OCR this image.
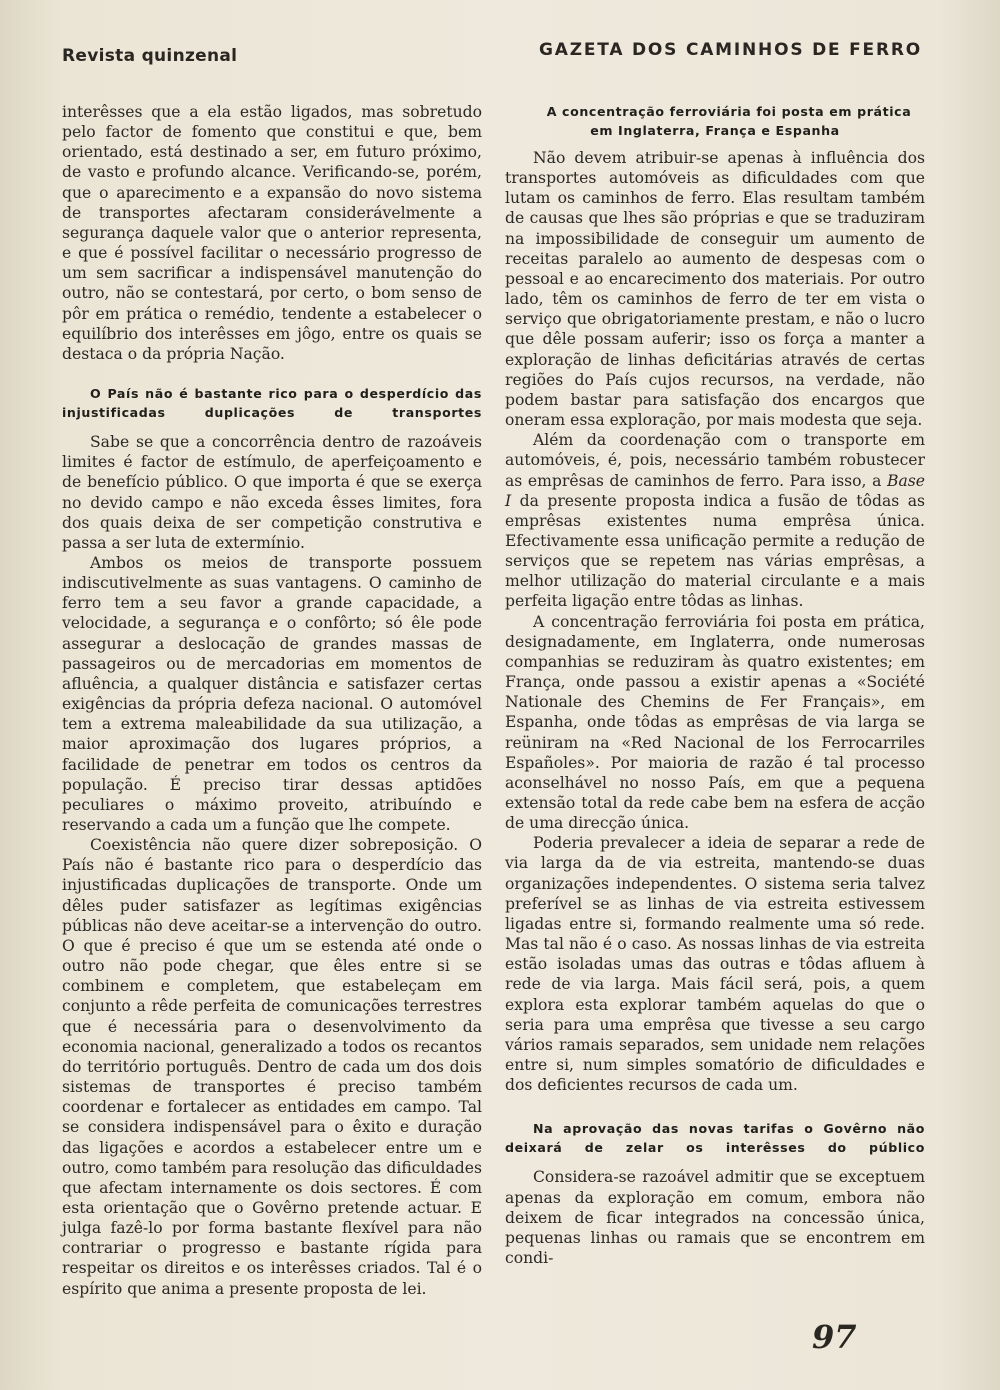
Revista quinzenal	GAZETA DOS CAMINHOS DE FERRO

interêsses que a ela estão ligados, mas sobretudo pelo factor de fomento que constitui e que, bem orientado, está destinado a ser, em futuro próximo, de vasto e profundo alcance. Verificando-se, porém, que o aparecimento e a expansão do novo sistema de transportes afectaram considerávelmente a segurança daquele valor que o anterior representa, e que é possível facilitar o necessário progresso de um sem sacrificar a indispensável manutenção do outro, não se contestará, por certo, o bom senso de pôr em prática o remédio, tendente a estabelecer o equilíbrio dos interêsses em jôgo, entre os quais se destaca o da própria Nação.

O País não é bastante rico para o desperdício das injustificadas duplicações de transportes

Sabe se que a concorrência dentro de razoáveis limites é factor de estímulo, de aperfeiçoamento e de benefício público. O que importa é que se exerça no devido campo e não exceda êsses limites, fora dos quais deixa de ser competição construtiva e passa a ser luta de extermínio.

Ambos os meios de transporte possuem indiscutivelmente as suas vantagens. O caminho de ferro tem a seu favor a grande capacidade, a velocidade, a segurança e o confôrto; só êle pode assegurar a deslocação de grandes massas de passageiros ou de mercadorias em momentos de afluência, a qualquer distância e satisfazer certas exigências da própria defeza nacional. O automóvel tem a extrema maleabilidade da sua utilização, a maior aproximação dos lugares próprios, a facilidade de penetrar em todos os centros da população. É preciso tirar dessas aptidões peculiares o máximo proveito, atribuíndo e reservando a cada um a função que lhe compete.

Coexistência não quere dizer sobreposição. O País não é bastante rico para o desperdício das injustificadas duplicações de transporte. Onde um dêles puder satisfazer as legítimas exigências públicas não deve aceitar-se a intervenção do outro. O que é preciso é que um se estenda até onde o outro não pode chegar, que êles entre si se combinem e completem, que estabeleçam em conjunto a rêde perfeita de comunicações terrestres que é necessária para o desenvolvimento da economia nacional, generalizado a todos os recantos do território português. Dentro de cada um dos dois sistemas de transportes é preciso também coordenar e fortalecer as entidades em campo. Tal se considera indispensável para o êxito e duração das ligações e acordos a estabelecer entre um e outro, como também para resolução das dificuldades que afectam internamente os dois sectores. É com esta orientação que o Govêrno pretende actuar. E julga fazê-lo por forma bastante flexível para não contrariar o progresso e bastante rígida para respeitar os direitos e os interêsses criados. Tal é o espírito que anima a presente proposta de lei.

A concentração ferroviária foi posta em prática em Inglaterra, França e Espanha

Não devem atribuir-se apenas à influência dos transportes automóveis as dificuldades com que lutam os caminhos de ferro. Elas resultam também de causas que lhes são próprias e que se traduziram na impossibilidade de conseguir um aumento de receitas paralelo ao aumento de despesas com o pessoal e ao encarecimento dos materiais. Por outro lado, têm os caminhos de ferro de ter em vista o serviço que obrigatoriamente prestam, e não o lucro que dêle possam auferir; isso os força a manter a exploração de linhas deficitárias através de certas regiões do País cujos recursos, na verdade, não podem bastar para satisfação dos encargos que oneram essa exploração, por mais modesta que seja.

Além da coordenação com o transporte em automóveis, é, pois, necessário também robustecer as emprêsas de caminhos de ferro. Para isso, a Base I da presente proposta indica a fusão de tôdas as emprêsas existentes numa emprêsa única. Efectivamente essa unificação permite a redução de serviços que se repetem nas várias emprêsas, a melhor utilização do material circulante e a mais perfeita ligação entre tôdas as linhas.

A concentração ferroviária foi posta em prática, designadamente, em Inglaterra, onde numerosas companhias se reduziram às quatro existentes; em França, onde passou a existir apenas a «Société Nationale des Chemins de Fer Français», em Espanha, onde tôdas as emprêsas de via larga se reüniram na «Red Nacional de los Ferrocarriles Españoles». Por maioria de razão é tal processo aconselhável no nosso País, em que a pequena extensão total da rede cabe bem na esfera de acção de uma direcção única.

Poderia prevalecer a ideia de separar a rede de via larga da de via estreita, mantendo-se duas organizações independentes. O sistema seria talvez preferível se as linhas de via estreita estivessem ligadas entre si, formando realmente uma só rede. Mas tal não é o caso. As nossas linhas de via estreita estão isoladas umas das outras e tôdas afluem à rede de via larga. Mais fácil será, pois, a quem explora esta explorar também aquelas do que o seria para uma emprêsa que tivesse a seu cargo vários ramais separados, sem unidade nem relações entre si, num simples somatório de dificuldades e dos deficientes recursos de cada um.

Na aprovação das novas tarifas o Govêrno não deixará de zelar os interêsses do público

Considera-se razoável admitir que se exceptuem apenas da exploração em comum, embora não deixem de ficar integrados na concessão única, pequenas linhas ou ramais que se encontrem em condi-

97
